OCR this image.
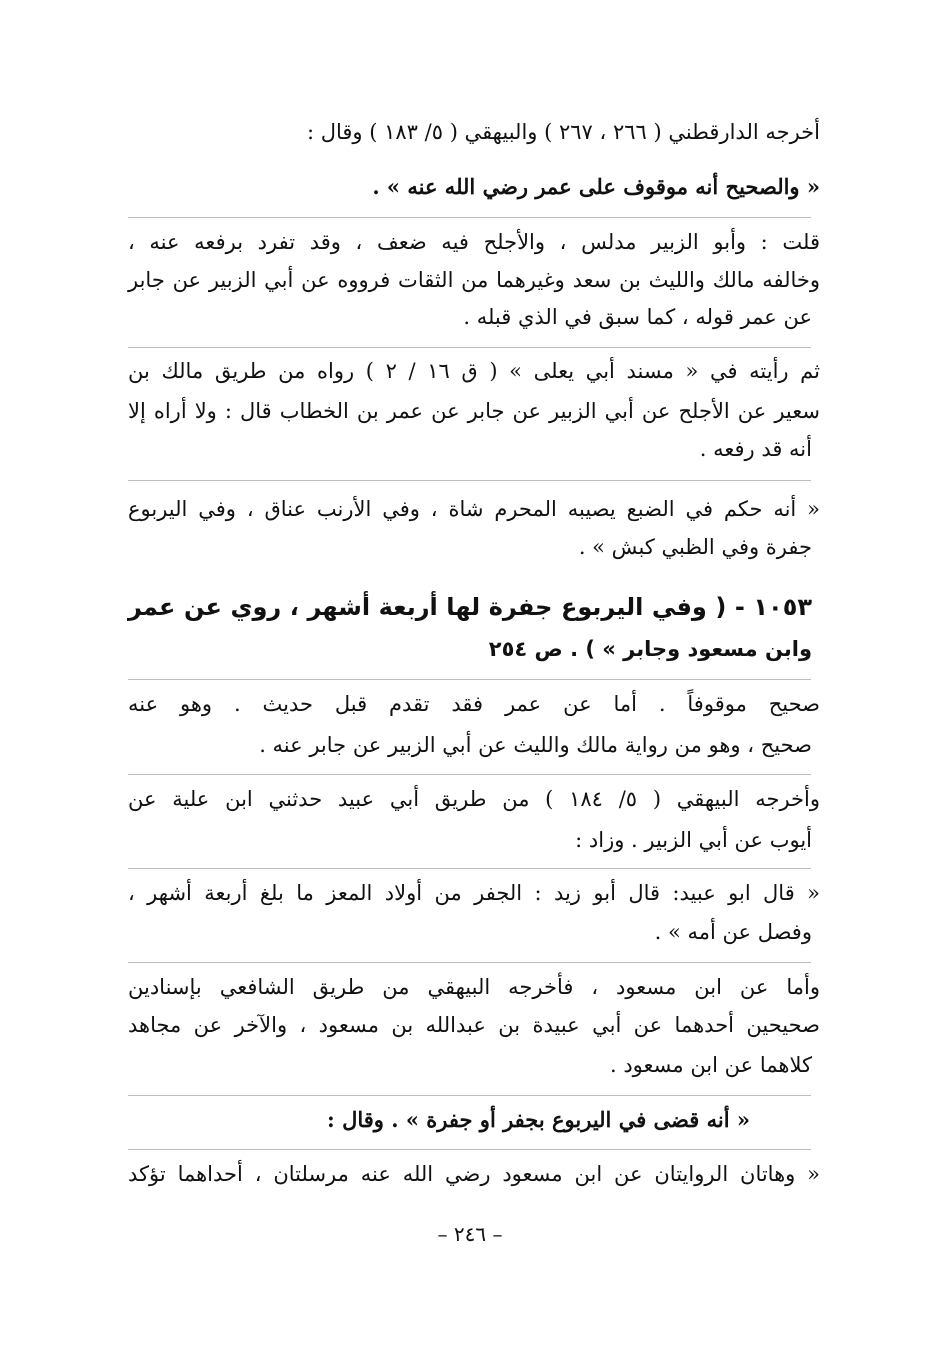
أخرجه الدارقطني ( ٢٦٦ ، ٢٦٧ ) والبيهقي ( ٥/ ١٨٣ ) وقال :
« والصحيح أنه موقوف على عمر رضي الله عنه » .
قلت : وأبو الزبير مدلس ، والأجلح فيه ضعف ، وقد تفرد برفعه عنه ،
وخالفه مالك والليث بن سعد وغيرهما من الثقات فرووه عن أبي الزبير عن جابر
عن عمر قوله ، كما سبق في الذي قبله .
ثم رأيته في « مسند أبي يعلى » ( ق ١٦ / ٢ ) رواه من طريق مالك بن
سعير عن الأجلح عن أبي الزبير عن جابر عن عمر بن الخطاب قال : ولا أراه إلا
أنه قد رفعه .
« أنه حكم في الضبع يصيبه المحرم شاة ، وفي الأرنب عناق ، وفي اليربوع
جفرة وفي الظبي كبش » .
١٠٥٣ - ( وفي اليربوع جفرة لها أربعة أشهر ، روي عن عمر
وابن مسعود وجابر » ) . ص ٢٥٤
صحيح موقوفاً . أما عن عمر فقد تقدم قبل حديث . وهو عنه
صحيح ، وهو من رواية مالك والليث عن أبي الزبير عن جابر عنه .
وأخرجه البيهقي ( ٥/ ١٨٤ ) من طريق أبي عبيد حدثني ابن علية عن
أيوب عن أبي الزبير . وزاد :
« قال ابو عبيد: قال أبو زيد : الجفر من أولاد المعز ما بلغ أربعة أشهر ،
وفصل عن أمه » .
وأما عن ابن مسعود ، فأخرجه البيهقي من طريق الشافعي بإسنادين
صحيحين أحدهما عن أبي عبيدة بن عبدالله بن مسعود ، والآخر عن مجاهد
كلاهما عن ابن مسعود .
« أنه قضى في اليربوع بجفر أو جفرة » . وقال :
« وهاتان الروايتان عن ابن مسعود رضي الله عنه مرسلتان ، أحداهما تؤكد
– ٢٤٦ –
